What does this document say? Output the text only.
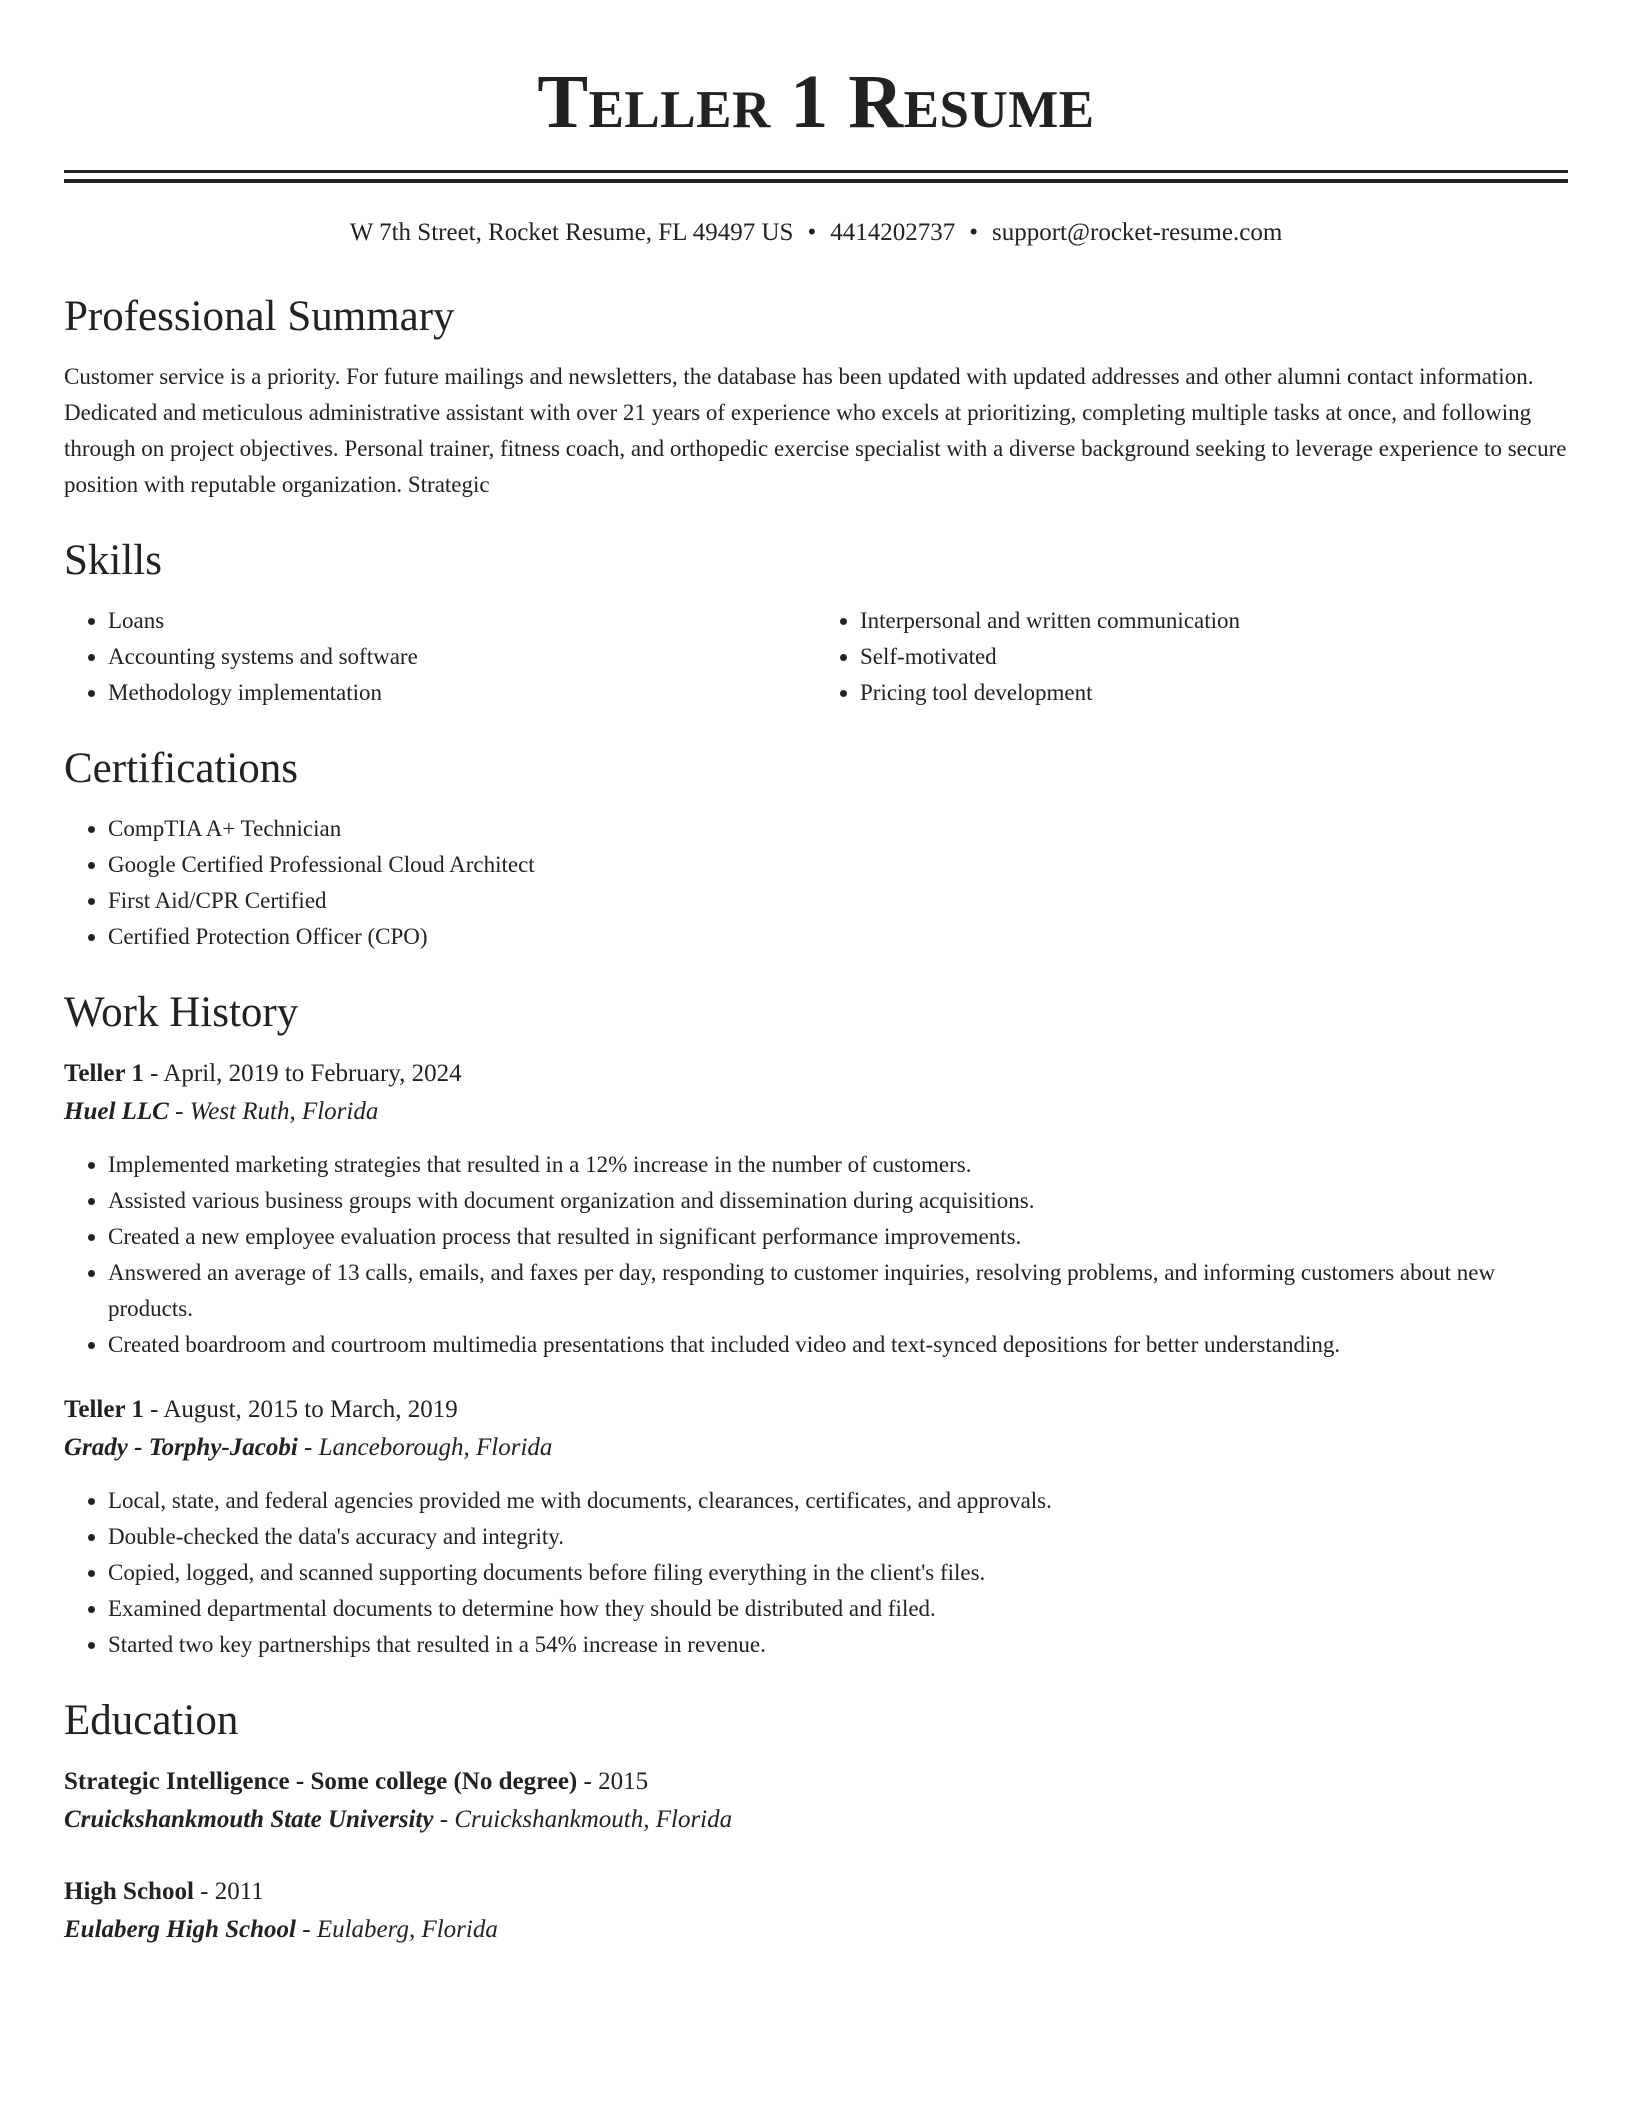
Teller 1 Resume
W 7th Street, Rocket Resume, FL 49497 US • 4414202737 • support@rocket-resume.com
Professional Summary
Customer service is a priority. For future mailings and newsletters, the database has been updated with updated addresses and other alumni contact information. Dedicated and meticulous administrative assistant with over 21 years of experience who excels at prioritizing, completing multiple tasks at once, and following through on project objectives. Personal trainer, fitness coach, and orthopedic exercise specialist with a diverse background seeking to leverage experience to secure position with reputable organization. Strategic
Skills
• Loans
• Accounting systems and software
• Methodology implementation
• Interpersonal and written communication
• Self-motivated
• Pricing tool development
Certifications
• CompTIA A+ Technician
• Google Certified Professional Cloud Architect
• First Aid/CPR Certified
• Certified Protection Officer (CPO)
Work History
Teller 1 - April, 2019 to February, 2024
Huel LLC - West Ruth, Florida
• Implemented marketing strategies that resulted in a 12% increase in the number of customers.
• Assisted various business groups with document organization and dissemination during acquisitions.
• Created a new employee evaluation process that resulted in significant performance improvements.
• Answered an average of 13 calls, emails, and faxes per day, responding to customer inquiries, resolving problems, and informing customers about new products.
• Created boardroom and courtroom multimedia presentations that included video and text-synced depositions for better understanding.
Teller 1 - August, 2015 to March, 2019
Grady - Torphy-Jacobi - Lanceborough, Florida
• Local, state, and federal agencies provided me with documents, clearances, certificates, and approvals.
• Double-checked the data's accuracy and integrity.
• Copied, logged, and scanned supporting documents before filing everything in the client's files.
• Examined departmental documents to determine how they should be distributed and filed.
• Started two key partnerships that resulted in a 54% increase in revenue.
Education
Strategic Intelligence - Some college (No degree) - 2015
Cruickshankmouth State University - Cruickshankmouth, Florida
High School - 2011
Eulaberg High School - Eulaberg, Florida
